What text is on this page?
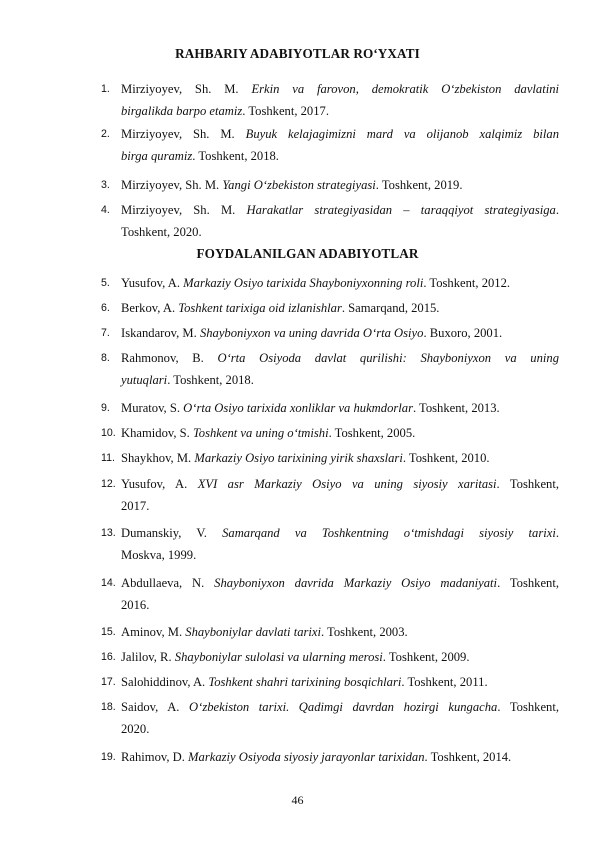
RAHBARIY ADABIYOTLAR RO‘YXATI
1. Mirziyoyev, Sh. M. Erkin va farovon, demokratik O‘zbekiston davlatini
birgalikda barpo etamiz. Toshkent, 2017.
2. Mirziyoyev, Sh. M. Buyuk kelajagimizni mard va olijanob xalqimiz bilan
birga quramiz. Toshkent, 2018.
3. Mirziyoyev, Sh. M. Yangi O‘zbekiston strategiyasi. Toshkent, 2019.
4. Mirziyoyev, Sh. M. Harakatlar strategiyasidan – taraqqiyot strategiyasiga.
Toshkent, 2020.
FOYDALANILGAN ADABIYOTLAR
5. Yusufov, A. Markaziy Osiyo tarixida Shayboniyxonning roli. Toshkent, 2012.
6. Berkov, A. Toshkent tarixiga oid izlanishlar. Samarqand, 2015.
7. Iskandarov, M. Shayboniyxon va uning davrida O‘rta Osiyo. Buxoro, 2001.
8. Rahmonov, B. O‘rta Osiyoda davlat qurilishi: Shayboniyxon va uning
yutuqlari. Toshkent, 2018.
9. Muratov, S. O‘rta Osiyo tarixida xonliklar va hukmdorlar. Toshkent, 2013.
10. Khamidov, S. Toshkent va uning o‘tmishi. Toshkent, 2005.
11. Shaykhov, M. Markaziy Osiyo tarixining yirik shaxslari. Toshkent, 2010.
12. Yusufov, A. XVI asr Markaziy Osiyo va uning siyosiy xaritasi. Toshkent,
2017.
13. Dumanskiy, V. Samarqand va Toshkentning o‘tmishdagi siyosiy tarixi.
Moskva, 1999.
14. Abdullaeva, N. Shayboniyxon davrida Markaziy Osiyo madaniyati. Toshkent,
2016.
15. Aminov, M. Shayboniylar davlati tarixi. Toshkent, 2003.
16. Jalilov, R. Shayboniylar sulolasi va ularning merosi. Toshkent, 2009.
17. Salohiddinov, A. Toshkent shahri tarixining bosqichlari. Toshkent, 2011.
18. Saidov, A. O‘zbekiston tarixi. Qadimgi davrdan hozirgi kungacha. Toshkent,
2020.
19. Rahimov, D. Markaziy Osiyoda siyosiy jarayonlar tarixidan. Toshkent, 2014.
46
